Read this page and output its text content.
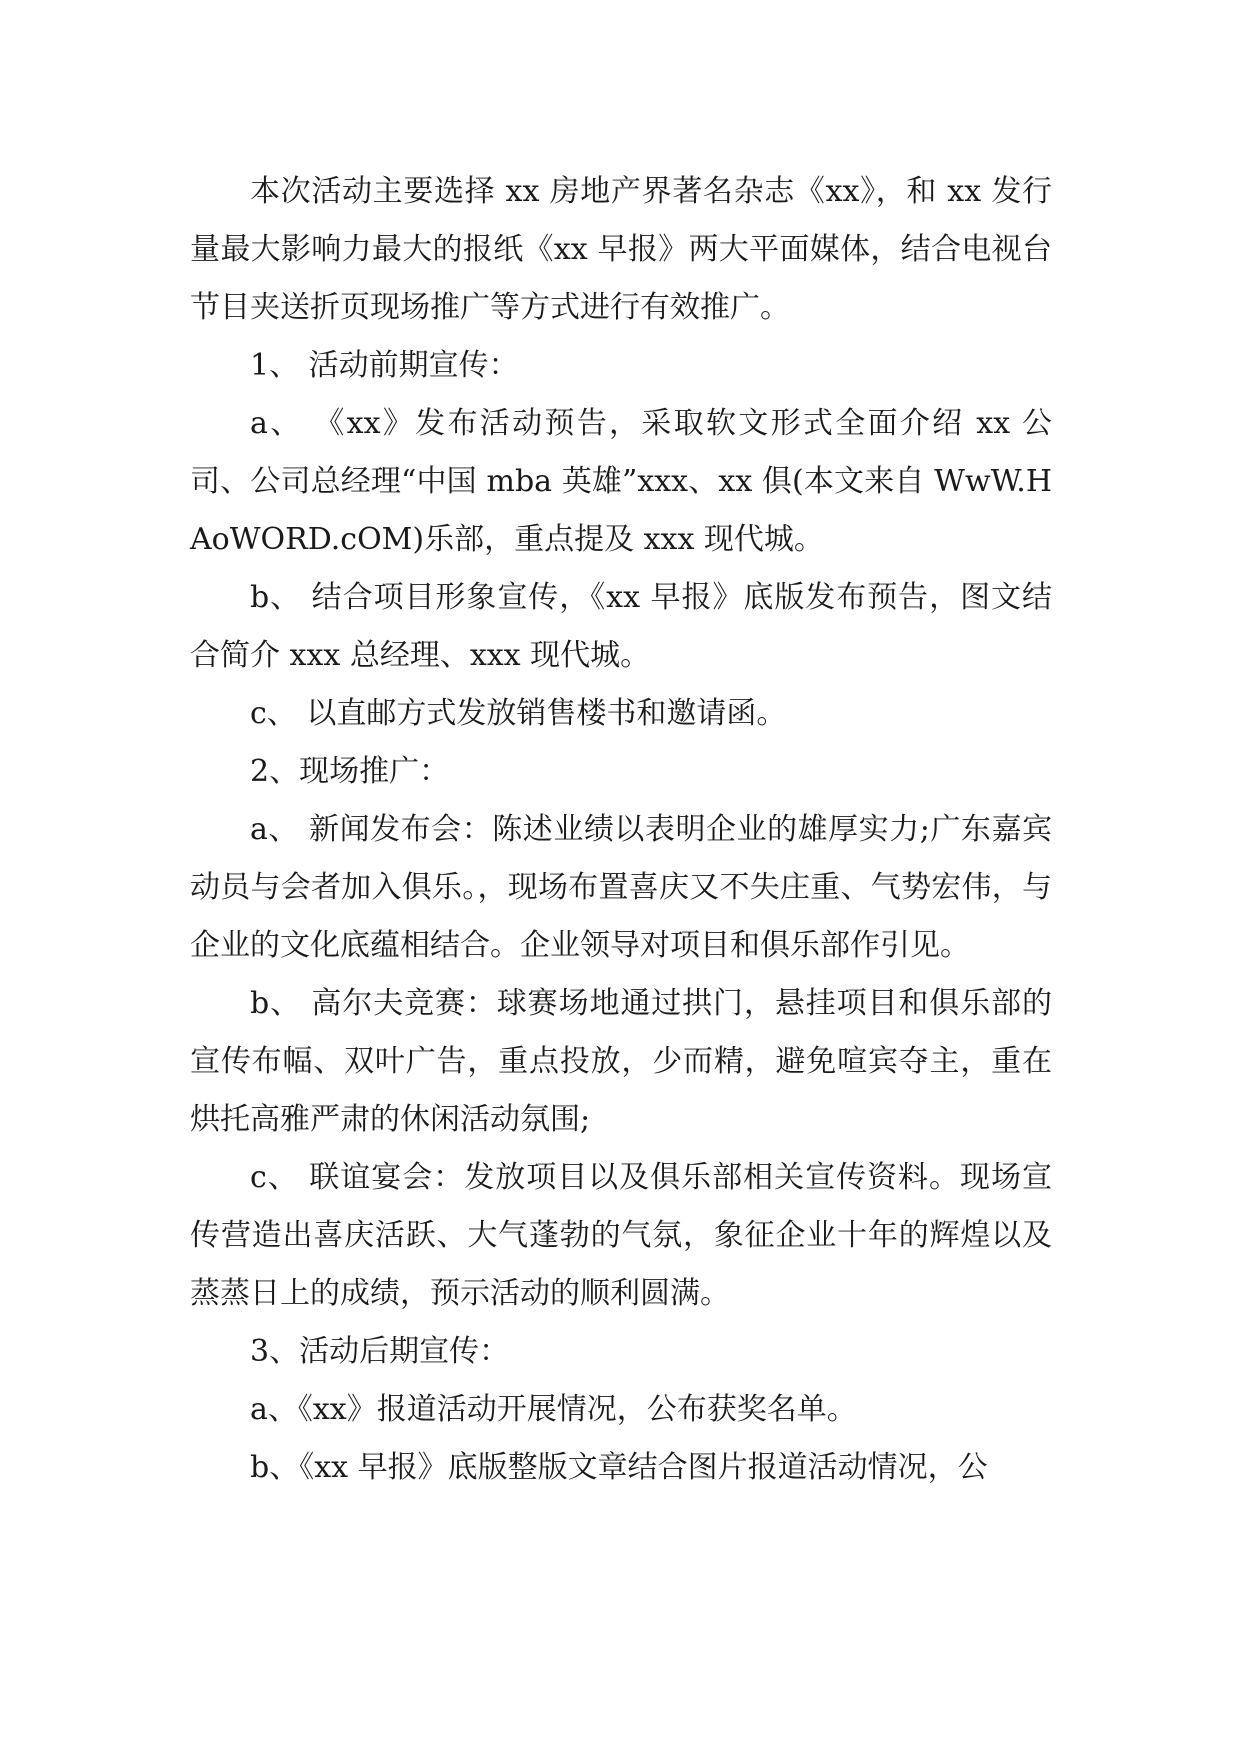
本次活动主要选择 xx 房地产界著名杂志《xx》，和 xx 发行量最大影响力最大的报纸《xx 早报》两大平面媒体，结合电视台节目夹送折页现场推广等方式进行有效推广。

1、 活动前期宣传：

a、 《xx》发布活动预告，采取软文形式全面介绍 xx 公司、公司总经理“中国 mba 英雄”xxx、xx 俱(本文来自 WwW.HAoWORD.cOM)乐部，重点提及 xxx 现代城。

b、 结合项目形象宣传，《xx 早报》底版发布预告，图文结合简介 xxx 总经理、xxx 现代城。

c、 以直邮方式发放销售楼书和邀请函。

2、现场推广：

a、 新闻发布会：陈述业绩以表明企业的雄厚实力;广东嘉宾动员与会者加入俱乐。，现场布置喜庆又不失庄重、气势宏伟，与企业的文化底蕴相结合。企业领导对项目和俱乐部作引见。

b、 高尔夫竞赛：球赛场地通过拱门，悬挂项目和俱乐部的宣传布幅、双叶广告，重点投放，少而精，避免喧宾夺主，重在烘托高雅严肃的休闲活动氛围;

c、 联谊宴会：发放项目以及俱乐部相关宣传资料。现场宣传营造出喜庆活跃、大气蓬勃的气氛，象征企业十年的辉煌以及蒸蒸日上的成绩，预示活动的顺利圆满。

3、活动后期宣传：

a、《xx》报道活动开展情况，公布获奖名单。

b、《xx 早报》底版整版文章结合图片报道活动情况，公
